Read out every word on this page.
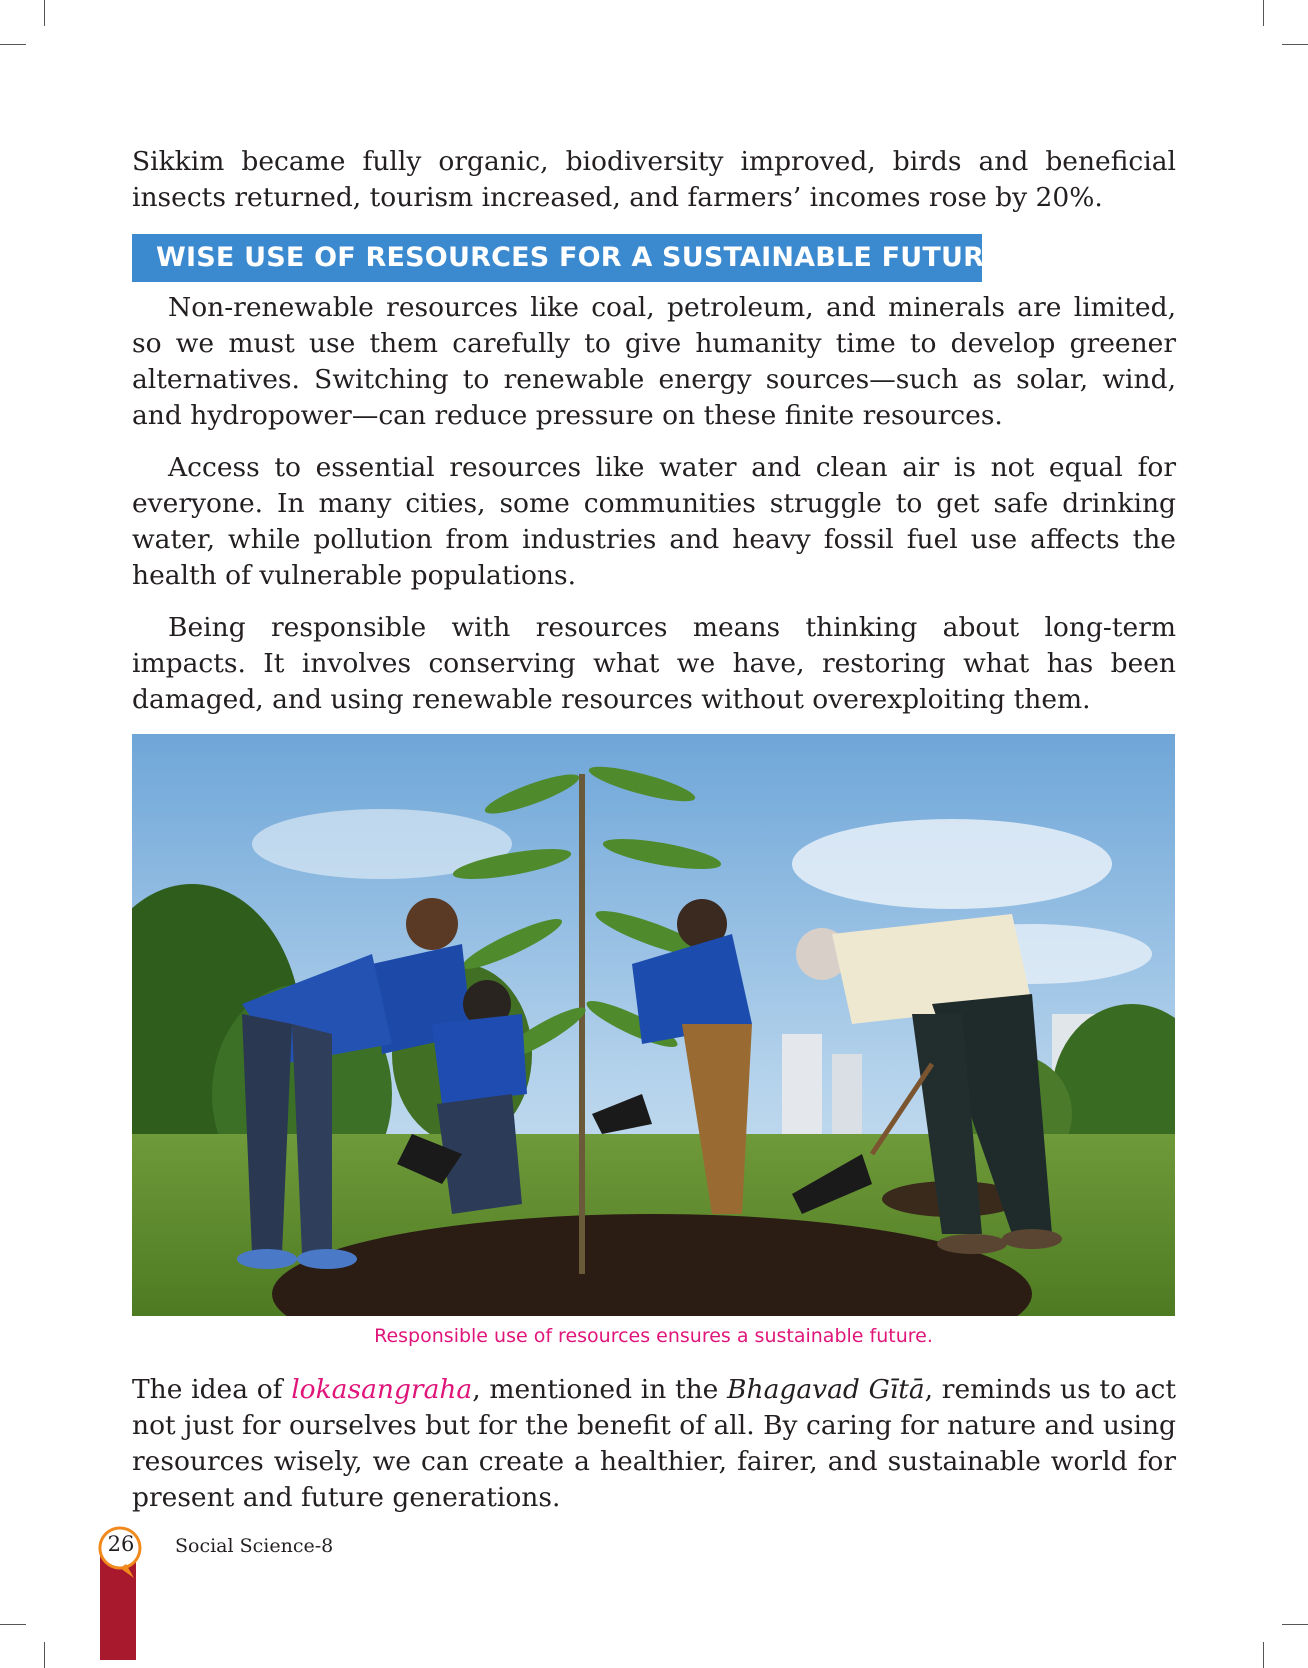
Sikkim became fully organic, biodiversity improved, birds and beneficial insects returned, tourism increased, and farmers’ incomes rose by 20%.

WISE USE OF RESOURCES FOR A SUSTAINABLE FUTURE

Non-renewable resources like coal, petroleum, and minerals are limited, so we must use them carefully to give humanity time to develop greener alternatives. Switching to renewable energy sources—such as solar, wind, and hydropower—can reduce pressure on these finite resources.

Access to essential resources like water and clean air is not equal for everyone. In many cities, some communities struggle to get safe drinking water, while pollution from industries and heavy fossil fuel use affects the health of vulnerable populations.

Being responsible with resources means thinking about long-term impacts. It involves conserving what we have, restoring what has been damaged, and using renewable resources without overexploiting them.

Responsible use of resources ensures a sustainable future.

The idea of lokasangraha, mentioned in the Bhagavad Gītā, reminds us to act not just for ourselves but for the benefit of all. By caring for nature and using resources wisely, we can create a healthier, fairer, and sustainable world for present and future generations.

26	Social Science-8
